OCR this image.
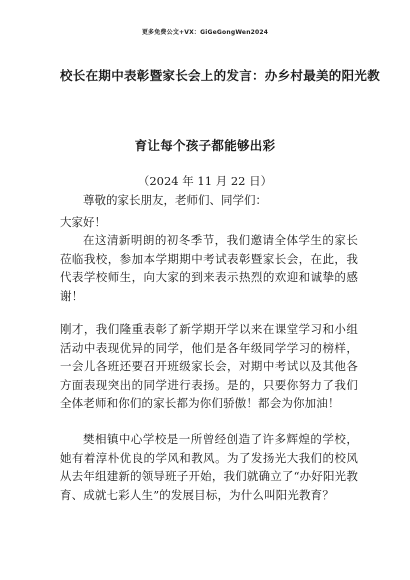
更多免费公文+VX：GiGeGongWen2024
校长在期中表彰暨家长会上的发言：办乡村最美的阳光教
育让每个孩子都能够出彩
（2024 年 11 月 22 日）
尊敬的家长朋友，老师们、同学们：
大家好！
在这清新明朗的初冬季节，我们邀请全体学生的家长莅临我校，参加本学期期中考试表彰暨家长会，在此，我代表学校师生，向大家的到来表示热烈的欢迎和诚挚的感谢！
刚才，我们隆重表彰了新学期开学以来在课堂学习和小组活动中表现优异的同学，他们是各年级同学学习的榜样，一会儿各班还要召开班级家长会，对期中考试以及其他各方面表现突出的同学进行表扬。是的，只要你努力了我们全体老师和你们的家长都为你们骄傲！都会为你加油！
樊相镇中心学校是一所曾经创造了许多辉煌的学校，她有着淳朴优良的学风和教风。为了发扬光大我们的校风从去年组建新的领导班子开始，我们就确立了“办好阳光教育、成就七彩人生”的发展目标，为什么叫阳光教育？
